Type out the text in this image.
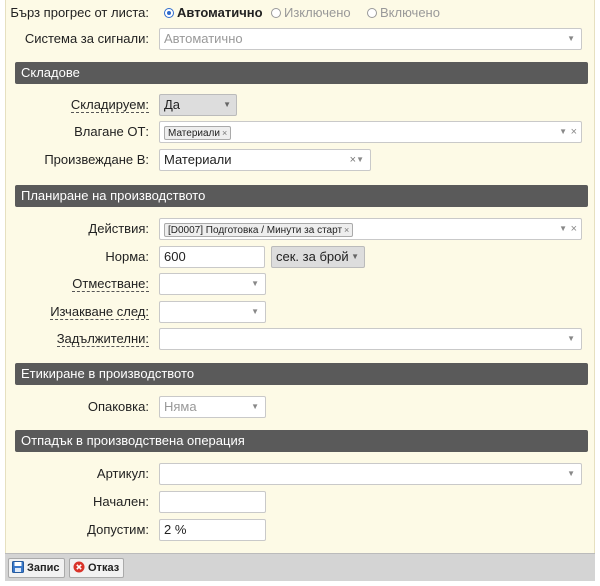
Бърз прогрес от листа:	Автоматично	Изключено	Включено
Система за сигнали:	Автоматично	▼
Складове
Складируем:	Да	▼
Влагане ОТ:	Материали ×	▼ ×
Произвеждане В:	Материали	× ▼
Планиране на производството
Действия:	[D0007] Подготовка / Минути за старт ×	▼ ×
Норма:	600	сек. за брой ▼
Отместване:	▼
Изчакване след:	▼
Задължителни:	▼
Етикиране в производството
Опаковка:	Няма	▼
Отпадък в производствена операция
Артикул:	▼
Начален:
Допустим:	2 %
Запис	Отказ
